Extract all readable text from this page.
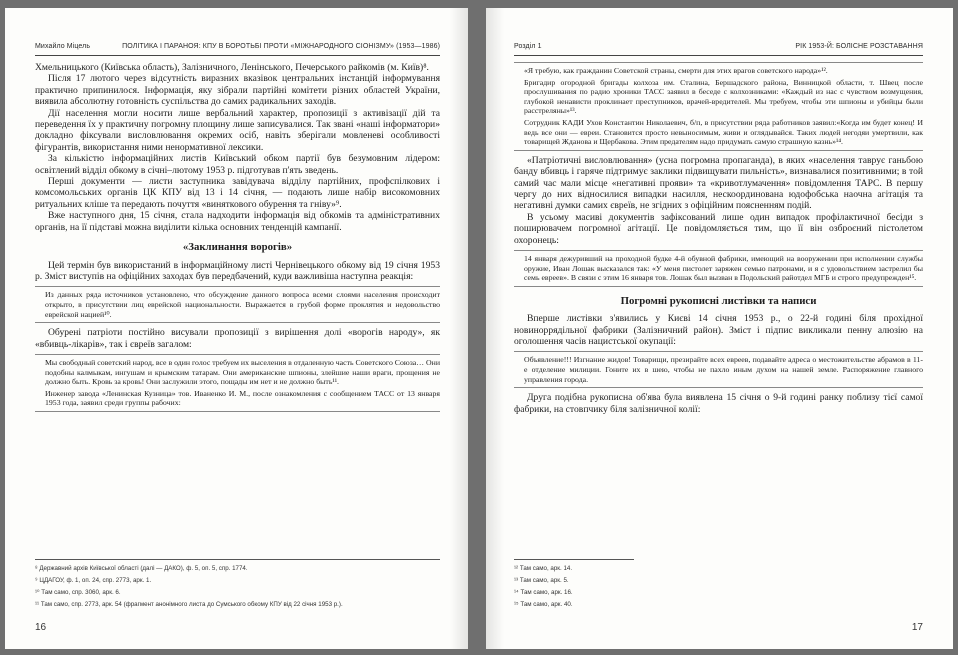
Михайло Міцель	ПОЛІТИКА І ПАРАНОЯ: КПУ В БОРОТЬБІ ПРОТИ «МІЖНАРОДНОГО СІОНІЗМУ» (1953—1986)

Хмельницького (Київська область), Залізничного, Ленінського, Печерського райкомів (м. Київ)⁸.

Після 17 лютого через відсутність виразних вказівок центральних інстанцій інформування практично припинилося. Інформація, яку зібрали партійні комітети різних областей України, виявила абсолютну готовність суспільства до самих радикальних заходів.

Дії населення могли носити лише вербальний характер, пропозиції з активізації дій та переведення їх у практичну погромну площину лише записувалися. Так звані «наші інформатори» докладно фіксували висловлювання окремих осіб, навіть зберігали мовленеві особливості фігурантів, використання ними ненормативної лексики.

За кількістю інформаційних листів Київський обком партії був безумовним лідером: освітлений відділ обкому в січні–лютому 1953 р. підготував п'ять зведень.

Перші документи — листи заступника завідувача відділу партійних, профспілкових і комсомольських органів ЦК КПУ від 13 і 14 січня, — подають лише набір високомовних ритуальних кліше та передають почуття «виняткового обурення та гніву»⁹.

Вже наступного дня, 15 січня, стала надходити інформація від обкомів та адміністративних органів, на її підставі можна виділити кілька основних тенденцій кампанії.

«Заклинання ворогів»

Цей термін був використаний в інформаційному листі Чернівецького обкому від 19 січня 1953 р. Зміст виступів на офіційних заходах був передбачений, куди важливіша наступна реакція:

Из данных ряда источников установлено, что обсуждение данного вопроса всеми слоями населения происходит открыто, в присутствии лиц еврейской национальности. Выражается в грубой форме проклятия и недовольство еврейской нацией¹⁰.

Обурені патріоти постійно висували пропозиції з вирішення долі «ворогів народу», як «вбивць-лікарів», так і євреїв загалом:

Мы свободный советский народ, все в один голос требуем их выселения в отдаленную часть Советского Союза… Они подобны калмыкам, ингушам и крымским татарам. Они американские шпионы, злейшие наши враги, прощения не должно быть. Кровь за кровь! Они заслужили этого, пощады им нет и не должно быть¹¹.

Инженер завода «Ленинская Кузница» тов. Иваненко И. М., после ознакомления с сообщением ТАСС от 13 января 1953 года, заявил среди группы рабочих:

⁸ Державний архів Київської області (далі — ДАКО), ф. 5, оп. 5, спр. 1774.
⁹ ЦДАГОУ, ф. 1, оп. 24, спр. 2773, арк. 1.
¹⁰ Там само, спр. 3060, арк. 6.
¹¹ Там само, спр. 2773, арк. 54 (фрагмент анонімного листа до Сумського обкому КПУ від 22 січня 1953 р.).
16
Розділ 1	РІК 1953-Й: БОЛІСНЕ РОЗСТАВАННЯ

«Я требую, как гражданин Советской страны, смерти для этих врагов советского народа»¹².

Бригадир огородной бригады колхоза им. Сталина, Бершадского района, Винницкой области, т. Швец после прослушивания по радио хроники ТАСС заявил в беседе с колхозниками: «Каждый из нас с чувством возмущения, глубокой ненависти проклинает преступников, врачей-вредителей. Мы требуем, чтобы эти шпионы и убийцы были расстреляны»¹³.

Сотрудник КАДИ Ухов Константин Николаевич, б/п, в присутствии ряда работников заявил:«Когда им будет конец! И ведь все они — евреи. Становится просто невыносимым, живи и оглядывайся. Таких людей негодяи умертвили, как товарищей Жданова и Щербакова. Этим предателям надо придумать самую страшную казнь»¹⁴.

«Патріотичні висловлювання» (усна погромна пропаганда), в яких «населення таврує ганьбою банду вбивць і гаряче підтримує заклики підвищувати пильність», визнавалися позитивними; в той самий час мали місце «негативні прояви» та «кривотлумачення» повідомлення ТАРС. В першу чергу до них відносилися випадки насилля, нескоординована юдофобська наочна агітація та негативні думки самих євреїв, не згідних з офіційним поясненням подій.

В усьому масиві документів зафіксований лише один випадок профілактичної бесіди з поширювачем погромної агітації. Це повідомляється тим, що її він озброєний пістолетом охоронець:

14 января дежуривший на проходной будке 4-й обувной фабрики, имеющий на вооружении при исполнении службы оружие, Иван Лошак высказался так: «У меня пистолет заряжен семью патронами, и я с удовольствием застрелил бы семь евреев». В связи с этим 16 января тов. Лошак был вызван в Подольский райотдел МГБ и строго предупрежден¹⁵.

Погромні рукописні листівки та написи

Вперше листівки з'явились у Києві 14 січня 1953 р., о 22-й годині біля прохідної новиноррядільної фабрики (Залізничний район). Зміст і підпис викликали пенну алюзію на оголошення часів нацистської окупації:

Объявление!!! Изгнание жидов! Товарищи, презирайте всех евреев, подавайте адреса о местожительстве абрамов в 11-е отделение милиции. Гоните их в шею, чтобы не пахло иным духом на нашей земле. Распоряжение главного управления города.

Друга подібна рукописна об'ява була виявлена 15 січня о 9-й годині ранку поблизу тієї самої фабрики, на стовпчику біля залізничної колії:

¹² Там само, арк. 14.
¹³ Там само, арк. 5.
¹⁴ Там само, арк. 16.
¹⁵ Там само, арк. 40.
17
